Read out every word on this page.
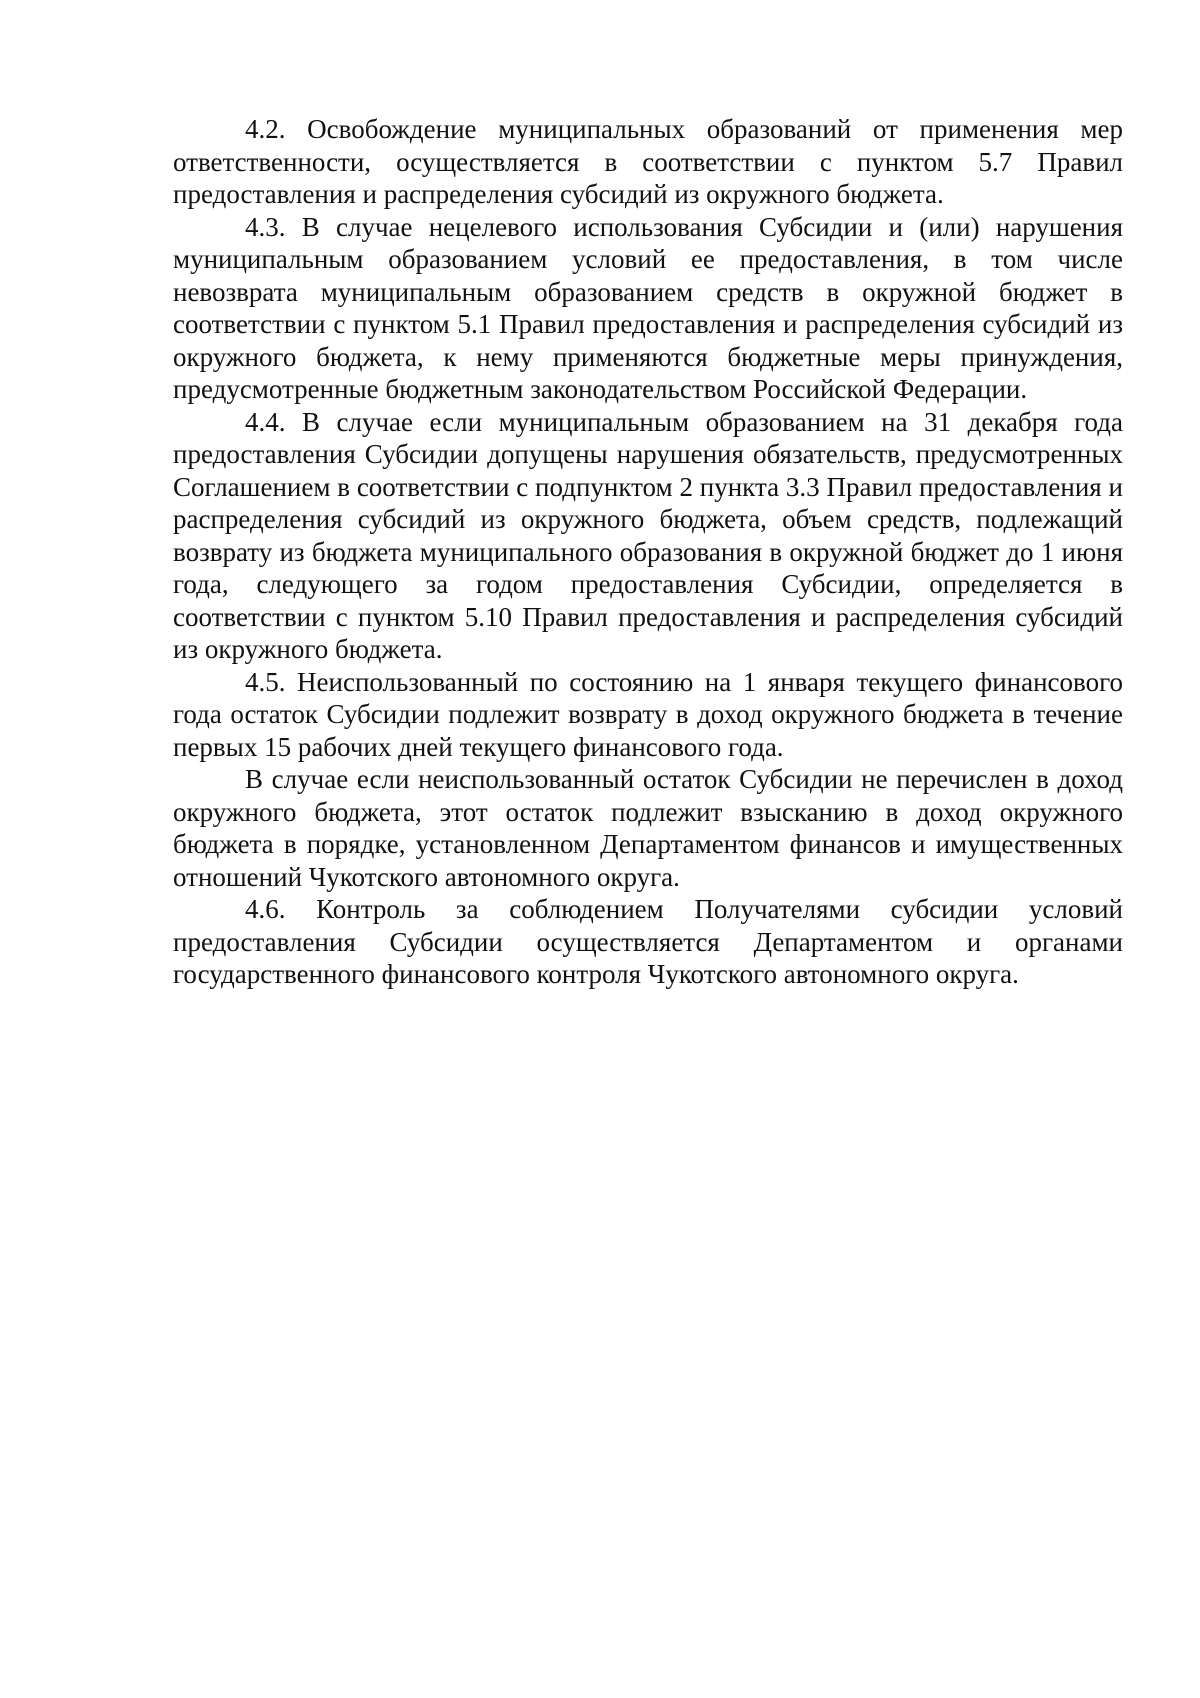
4.2. Освобождение муниципальных образований от применения мер ответственности, осуществляется в соответствии с пунктом 5.7 Правил предоставления и распределения субсидий из окружного бюджета.

4.3. В случае нецелевого использования Субсидии и (или) нарушения муниципальным образованием условий ее предоставления, в том числе невозврата муниципальным образованием средств в окружной бюджет в соответствии с пунктом 5.1 Правил предоставления и распределения субсидий из окружного бюджета, к нему применяются бюджетные меры принуждения, предусмотренные бюджетным законодательством Российской Федерации.

4.4. В случае если муниципальным образованием на 31 декабря года предоставления Субсидии допущены нарушения обязательств, предусмотренных Соглашением в соответствии с подпунктом 2 пункта 3.3 Правил предоставления и распределения субсидий из окружного бюджета, объем средств, подлежащий возврату из бюджета муниципального образования в окружной бюджет до 1 июня года, следующего за годом предоставления Субсидии, определяется в соответствии с пунктом 5.10 Правил предоставления и распределения субсидий из окружного бюджета.

4.5. Неиспользованный по состоянию на 1 января текущего финансового года остаток Субсидии подлежит возврату в доход окружного бюджета в течение первых 15 рабочих дней текущего финансового года.

В случае если неиспользованный остаток Субсидии не перечислен в доход окружного бюджета, этот остаток подлежит взысканию в доход окружного бюджета в порядке, установленном Департаментом финансов и имущественных отношений Чукотского автономного округа.

4.6. Контроль за соблюдением Получателями субсидии условий предоставления Субсидии осуществляется Департаментом и органами государственного финансового контроля Чукотского автономного округа.
